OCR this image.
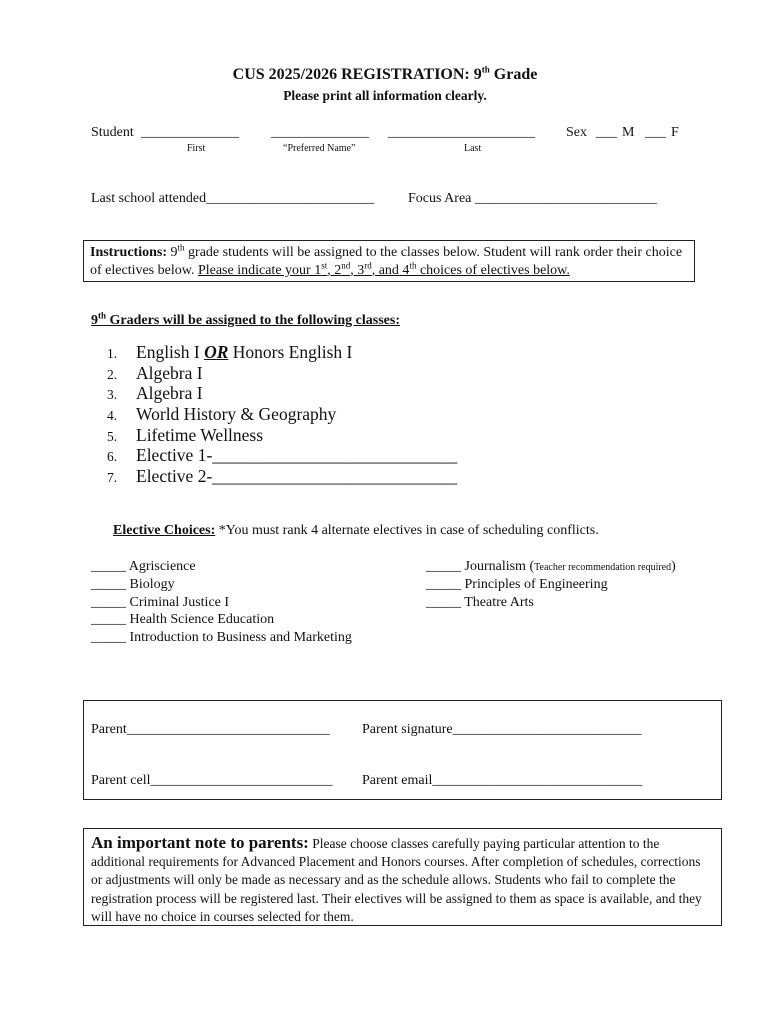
CUS 2025/2026 REGISTRATION: 9th Grade
Please print all information clearly.
Student ______________ ______________ _____________________ Sex ___ M ___ F
First	“Preferred Name”	Last
Last school attended________________________ Focus Area __________________________
Instructions: 9th grade students will be assigned to the classes below. Student will rank order their choice of electives below. Please indicate your 1st, 2nd, 3rd, and 4th choices of electives below.
9th Graders will be assigned to the following classes:
1. English I OR Honors English I
2. Algebra I
3. Algebra I
4. World History & Geography
5. Lifetime Wellness
6. Elective 1-____________________________
7. Elective 2-____________________________
Elective Choices: *You must rank 4 alternate electives in case of scheduling conflicts.
_____ Agriscience
_____ Biology
_____ Criminal Justice I
_____ Health Science Education
_____ Introduction to Business and Marketing
_____ Journalism (Teacher recommendation required)
_____ Principles of Engineering
_____ Theatre Arts
Parent_____________________________ Parent signature___________________________
Parent cell__________________________ Parent email______________________________
An important note to parents: Please choose classes carefully paying particular attention to the additional requirements for Advanced Placement and Honors courses. After completion of schedules, corrections or adjustments will only be made as necessary and as the schedule allows. Students who fail to complete the registration process will be registered last. Their electives will be assigned to them as space is available, and they will have no choice in courses selected for them.
